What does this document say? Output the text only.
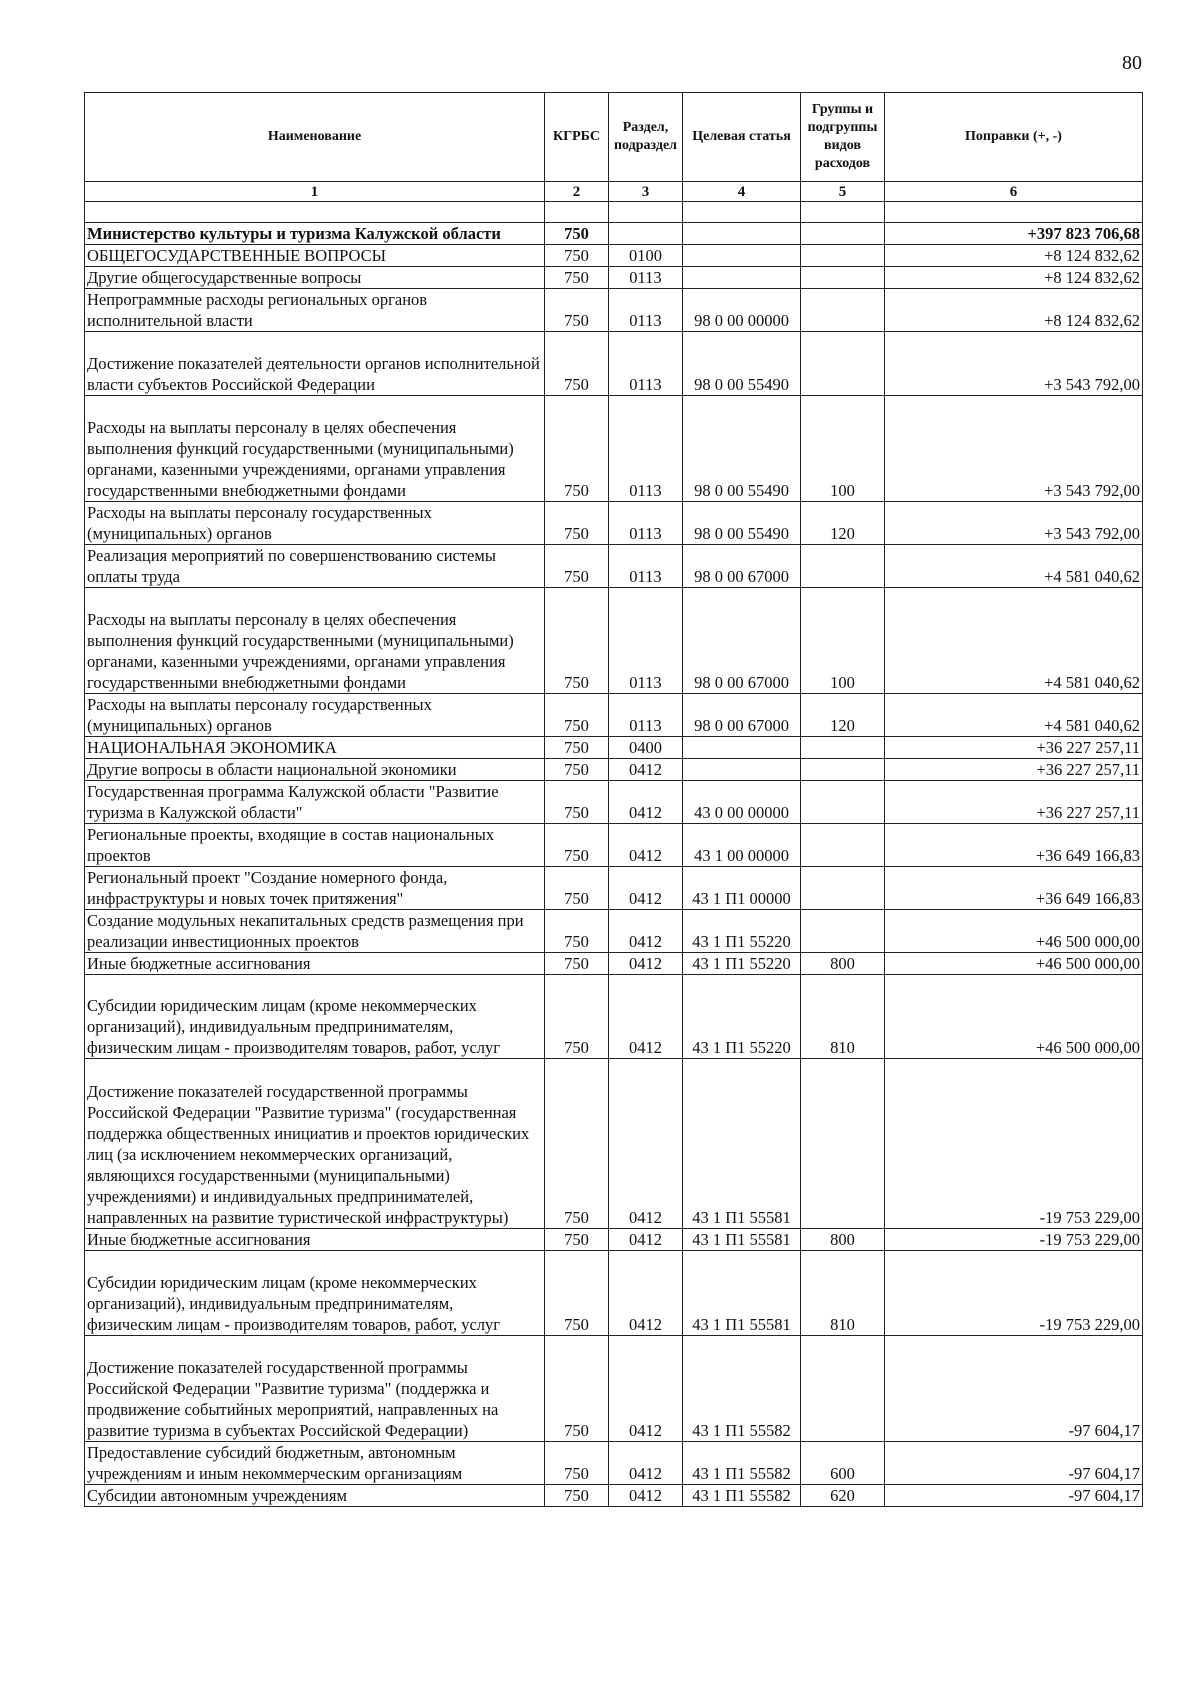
80
Наименование	КГРБС	Раздел, подраздел	Целевая статья	Группы и подгруппы видов расходов	Поправки (+, -)
1	2	3	4	5	6

Министерство культуры и туризма Калужской области	750				+397 823 706,68
ОБЩЕГОСУДАРСТВЕННЫЕ ВОПРОСЫ	750	0100			+8 124 832,62
Другие общегосударственные вопросы	750	0113			+8 124 832,62
Непрограммные расходы региональных органов исполнительной власти	750	0113	98 0 00 00000		+8 124 832,62
Достижение показателей деятельности органов исполнительной власти субъектов Российской Федерации	750	0113	98 0 00 55490		+3 543 792,00
Расходы на выплаты персоналу в целях обеспечения выполнения функций государственными (муниципальными) органами, казенными учреждениями, органами управления государственными внебюджетными фондами	750	0113	98 0 00 55490	100	+3 543 792,00
Расходы на выплаты персоналу государственных (муниципальных) органов	750	0113	98 0 00 55490	120	+3 543 792,00
Реализация мероприятий по совершенствованию системы оплаты труда	750	0113	98 0 00 67000		+4 581 040,62
Расходы на выплаты персоналу в целях обеспечения выполнения функций государственными (муниципальными) органами, казенными учреждениями, органами управления государственными внебюджетными фондами	750	0113	98 0 00 67000	100	+4 581 040,62
Расходы на выплаты персоналу государственных (муниципальных) органов	750	0113	98 0 00 67000	120	+4 581 040,62
НАЦИОНАЛЬНАЯ ЭКОНОМИКА	750	0400			+36 227 257,11
Другие вопросы в области национальной экономики	750	0412			+36 227 257,11
Государственная программа Калужской области "Развитие туризма в Калужской области"	750	0412	43 0 00 00000		+36 227 257,11
Региональные проекты, входящие в состав национальных проектов	750	0412	43 1 00 00000		+36 649 166,83
Региональный проект "Создание номерного фонда, инфраструктуры и новых точек притяжения"	750	0412	43 1 П1 00000		+36 649 166,83
Создание модульных некапитальных средств размещения при реализации инвестиционных проектов	750	0412	43 1 П1 55220		+46 500 000,00
Иные бюджетные ассигнования	750	0412	43 1 П1 55220	800	+46 500 000,00
Субсидии юридическим лицам (кроме некоммерческих организаций), индивидуальным предпринимателям, физическим лицам - производителям товаров, работ, услуг	750	0412	43 1 П1 55220	810	+46 500 000,00
Достижение показателей государственной программы Российской Федерации "Развитие туризма" (государственная поддержка общественных инициатив и проектов юридических лиц (за исключением некоммерческих организаций, являющихся государственными (муниципальными) учреждениями) и индивидуальных предпринимателей, направленных на развитие туристической инфраструктуры)	750	0412	43 1 П1 55581		-19 753 229,00
Иные бюджетные ассигнования	750	0412	43 1 П1 55581	800	-19 753 229,00
Субсидии юридическим лицам (кроме некоммерческих организаций), индивидуальным предпринимателям, физическим лицам - производителям товаров, работ, услуг	750	0412	43 1 П1 55581	810	-19 753 229,00
Достижение показателей государственной программы Российской Федерации "Развитие туризма" (поддержка и продвижение событийных мероприятий, направленных на развитие туризма в субъектах Российской Федерации)	750	0412	43 1 П1 55582		-97 604,17
Предоставление субсидий бюджетным, автономным учреждениям и иным некоммерческим организациям	750	0412	43 1 П1 55582	600	-97 604,17
Субсидии автономным учреждениям	750	0412	43 1 П1 55582	620	-97 604,17
